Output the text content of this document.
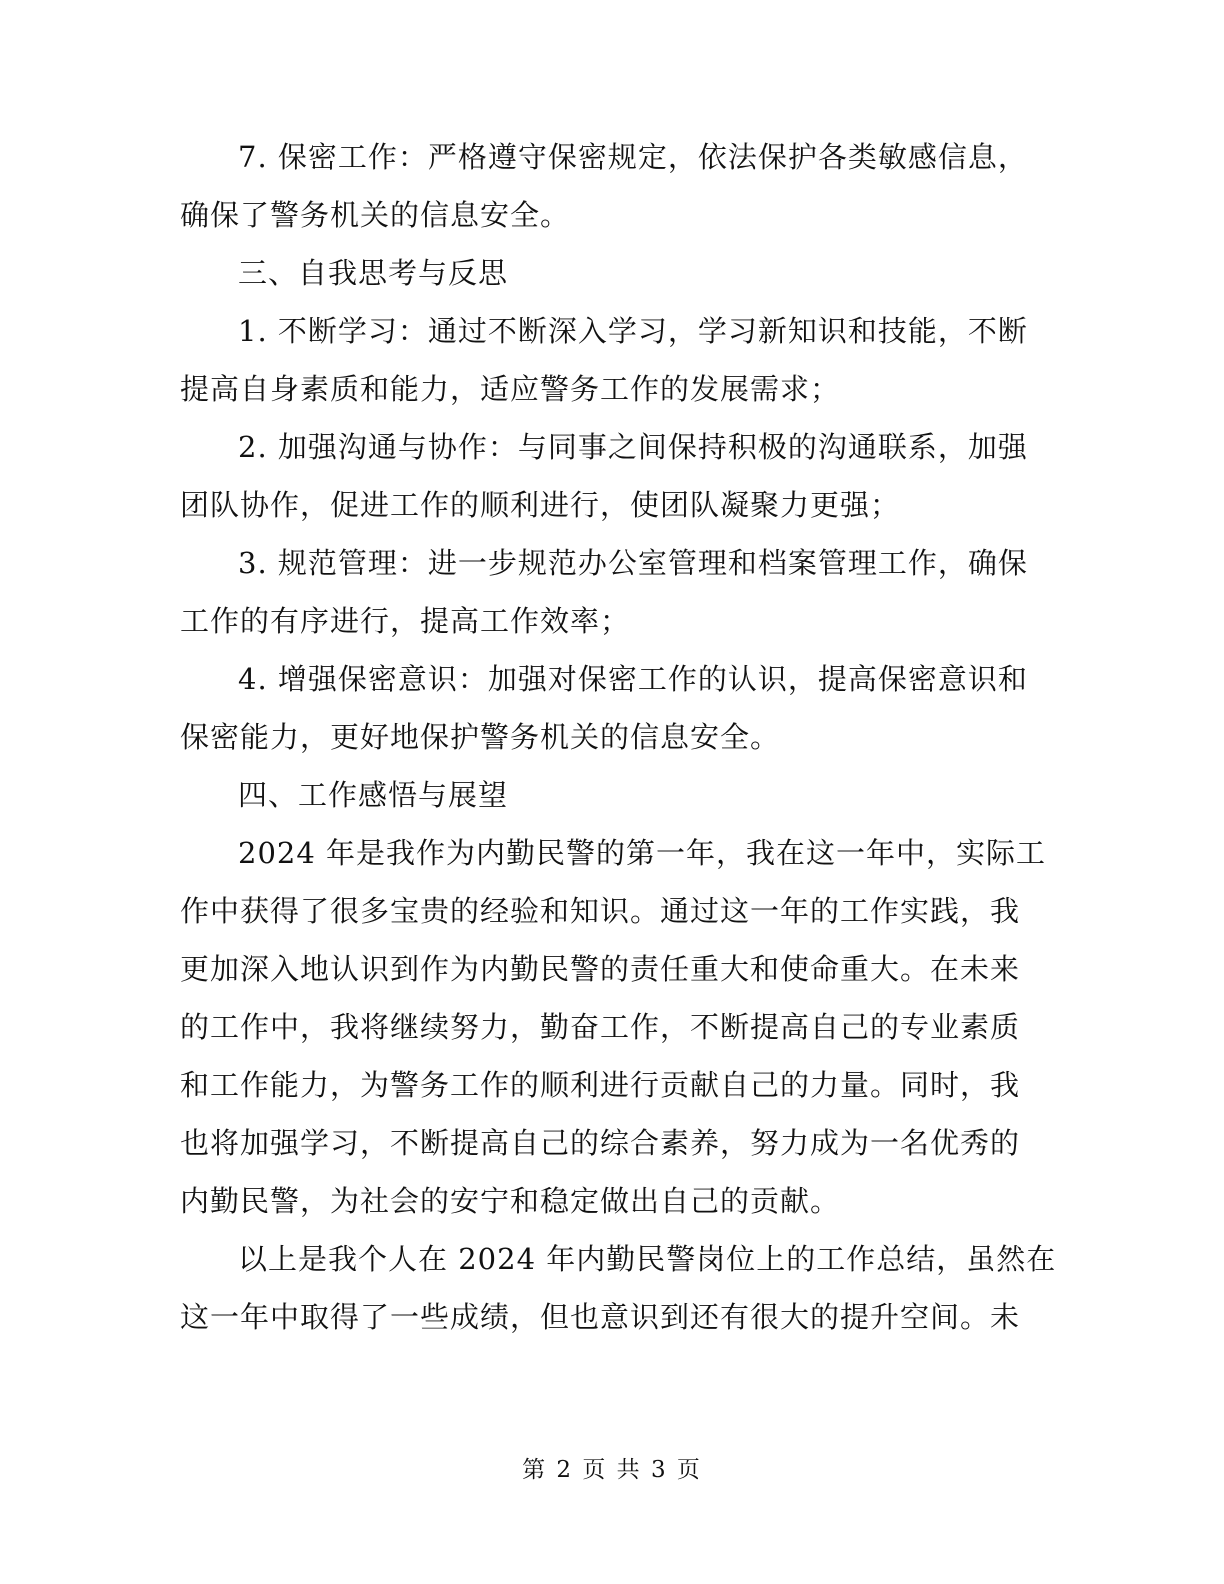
7. 保密工作：严格遵守保密规定，依法保护各类敏感信息，
确保了警务机关的信息安全。
三、自我思考与反思
1. 不断学习：通过不断深入学习，学习新知识和技能，不断
提高自身素质和能力，适应警务工作的发展需求；
2. 加强沟通与协作：与同事之间保持积极的沟通联系，加强
团队协作，促进工作的顺利进行，使团队凝聚力更强；
3. 规范管理：进一步规范办公室管理和档案管理工作，确保
工作的有序进行，提高工作效率；
4. 增强保密意识：加强对保密工作的认识，提高保密意识和
保密能力，更好地保护警务机关的信息安全。
四、工作感悟与展望
2024 年是我作为内勤民警的第一年，我在这一年中，实际工
作中获得了很多宝贵的经验和知识。通过这一年的工作实践，我
更加深入地认识到作为内勤民警的责任重大和使命重大。在未来
的工作中，我将继续努力，勤奋工作，不断提高自己的专业素质
和工作能力，为警务工作的顺利进行贡献自己的力量。同时，我
也将加强学习，不断提高自己的综合素养，努力成为一名优秀的
内勤民警，为社会的安宁和稳定做出自己的贡献。
以上是我个人在 2024 年内勤民警岗位上的工作总结，虽然在
这一年中取得了一些成绩，但也意识到还有很大的提升空间。未
第 2 页 共 3 页
